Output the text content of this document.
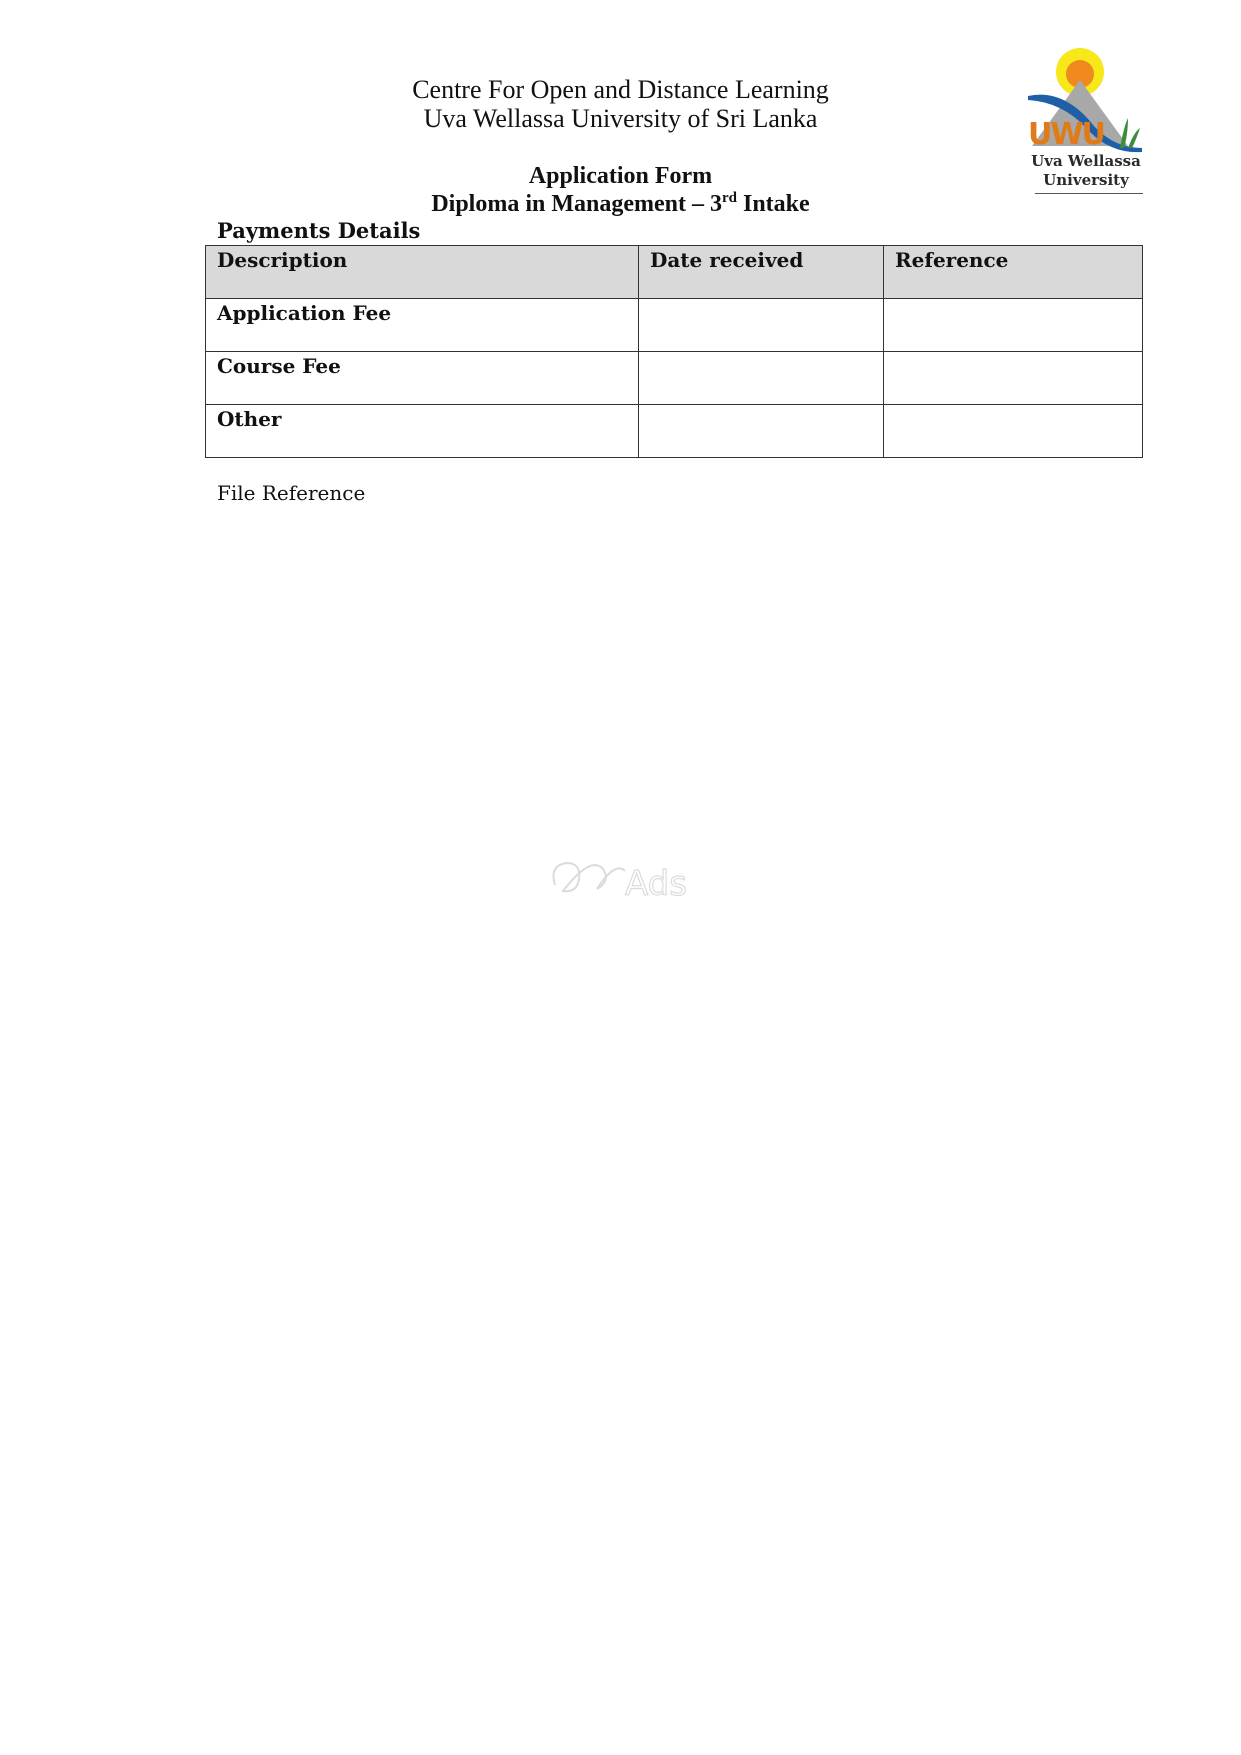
Centre For Open and Distance Learning
Uva Wellassa University of Sri Lanka
Application Form
Diploma in Management – 3rd Intake
UWU
Uva Wellassa
University

Payments Details

Description	Date received	Reference
Application Fee		
Course Fee		
Other		

File Reference

Ads
